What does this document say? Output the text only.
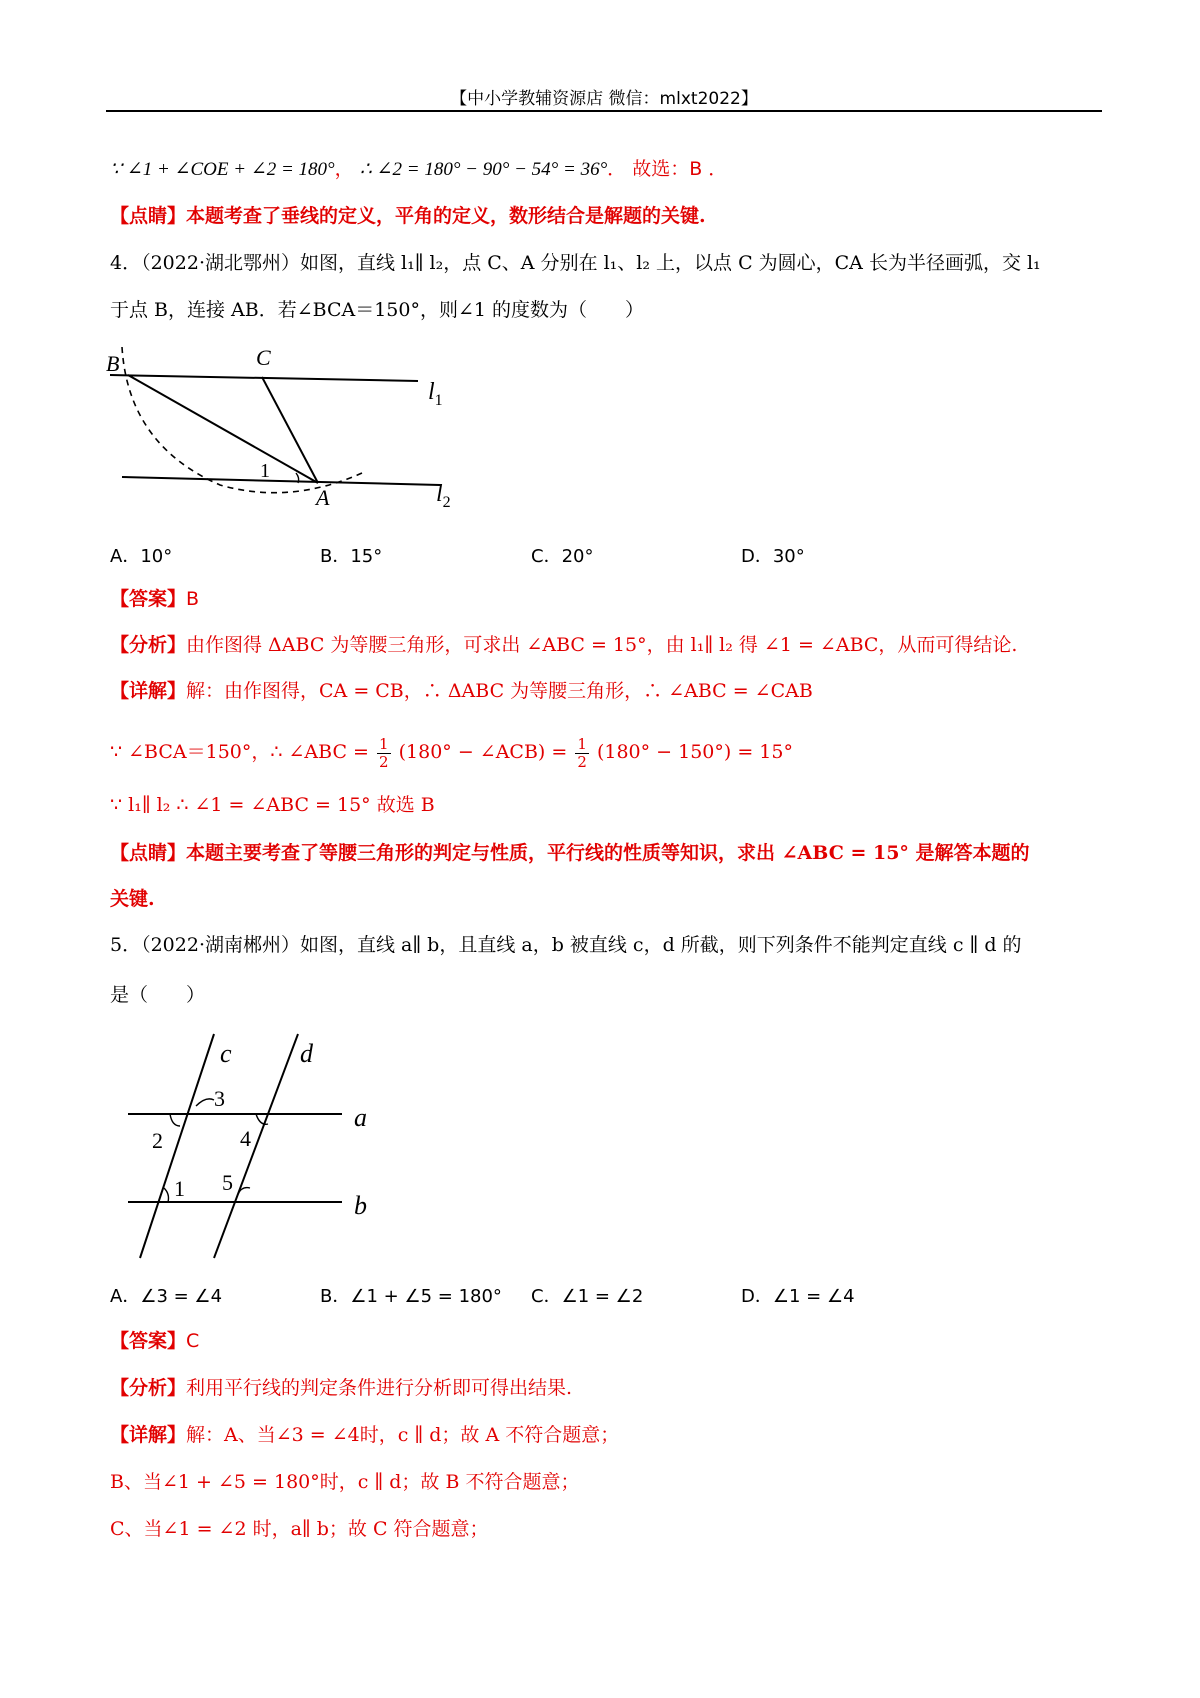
【中小学教辅资源店 微信：mlxt2022】
∵ ∠1 + ∠COE + ∠2 = 180°， ∴ ∠2 = 180° − 90° − 54° = 36°． 故选：B ．
【点睛】本题考查了垂线的定义，平角的定义，数形结合是解题的关键.
4．（2022·湖北鄂州）如图，直线 l₁∥ l₂，点 C、A 分别在 l₁、l₂ 上，以点 C 为圆心，CA 长为半径画弧，交 l₁
于点 B，连接 AB．若∠BCA＝150°，则∠1 的度数为（　　）
B	C
A
1
$l_1$
$l_2$
A．10°	B．15°	C．20°	D．30°
【答案】B
【分析】由作图得 ΔABC 为等腰三角形，可求出 ∠ABC = 15°，由 l₁∥ l₂ 得 ∠1 = ∠ABC，从而可得结论.
【详解】解：由作图得，CA = CB，∴ ΔABC 为等腰三角形，∴ ∠ABC = ∠CAB
∵ ∠BCA＝150°，∴ ∠ABC = $\frac{1}{2} (180^\circ$ − ∠ACB) = $\frac{1}{2} (180^\circ - 150^\circ) = 15^\circ$
∵ l₁∥ l₂ ∴ ∠1 = ∠ABC = 15° 故选 B
【点睛】本题主要考查了等腰三角形的判定与性质，平行线的性质等知识，求出 ∠ABC = 15° 是解答本题的
关键.
5．（2022·湖南郴州）如图，直线 a∥ b，且直线 a，b 被直线 c，d 所截，则下列条件不能判定直线 c ∥ d 的
是（　　）
c	d
a
b
3
2	4
1 5
A．∠3 = ∠4	B．∠1 + ∠5 = 180° C．∠1 = ∠2	D．∠1 = ∠4
【答案】C
【分析】利用平行线的判定条件进行分析即可得出结果.
【详解】解：A、当∠3 = ∠4时，c ∥ d；故 A 不符合题意；
B、当∠1 + ∠5 = 180°时，c ∥ d；故 B 不符合题意；
C、当∠1 = ∠2 时，a∥ b；故 C 符合题意；
